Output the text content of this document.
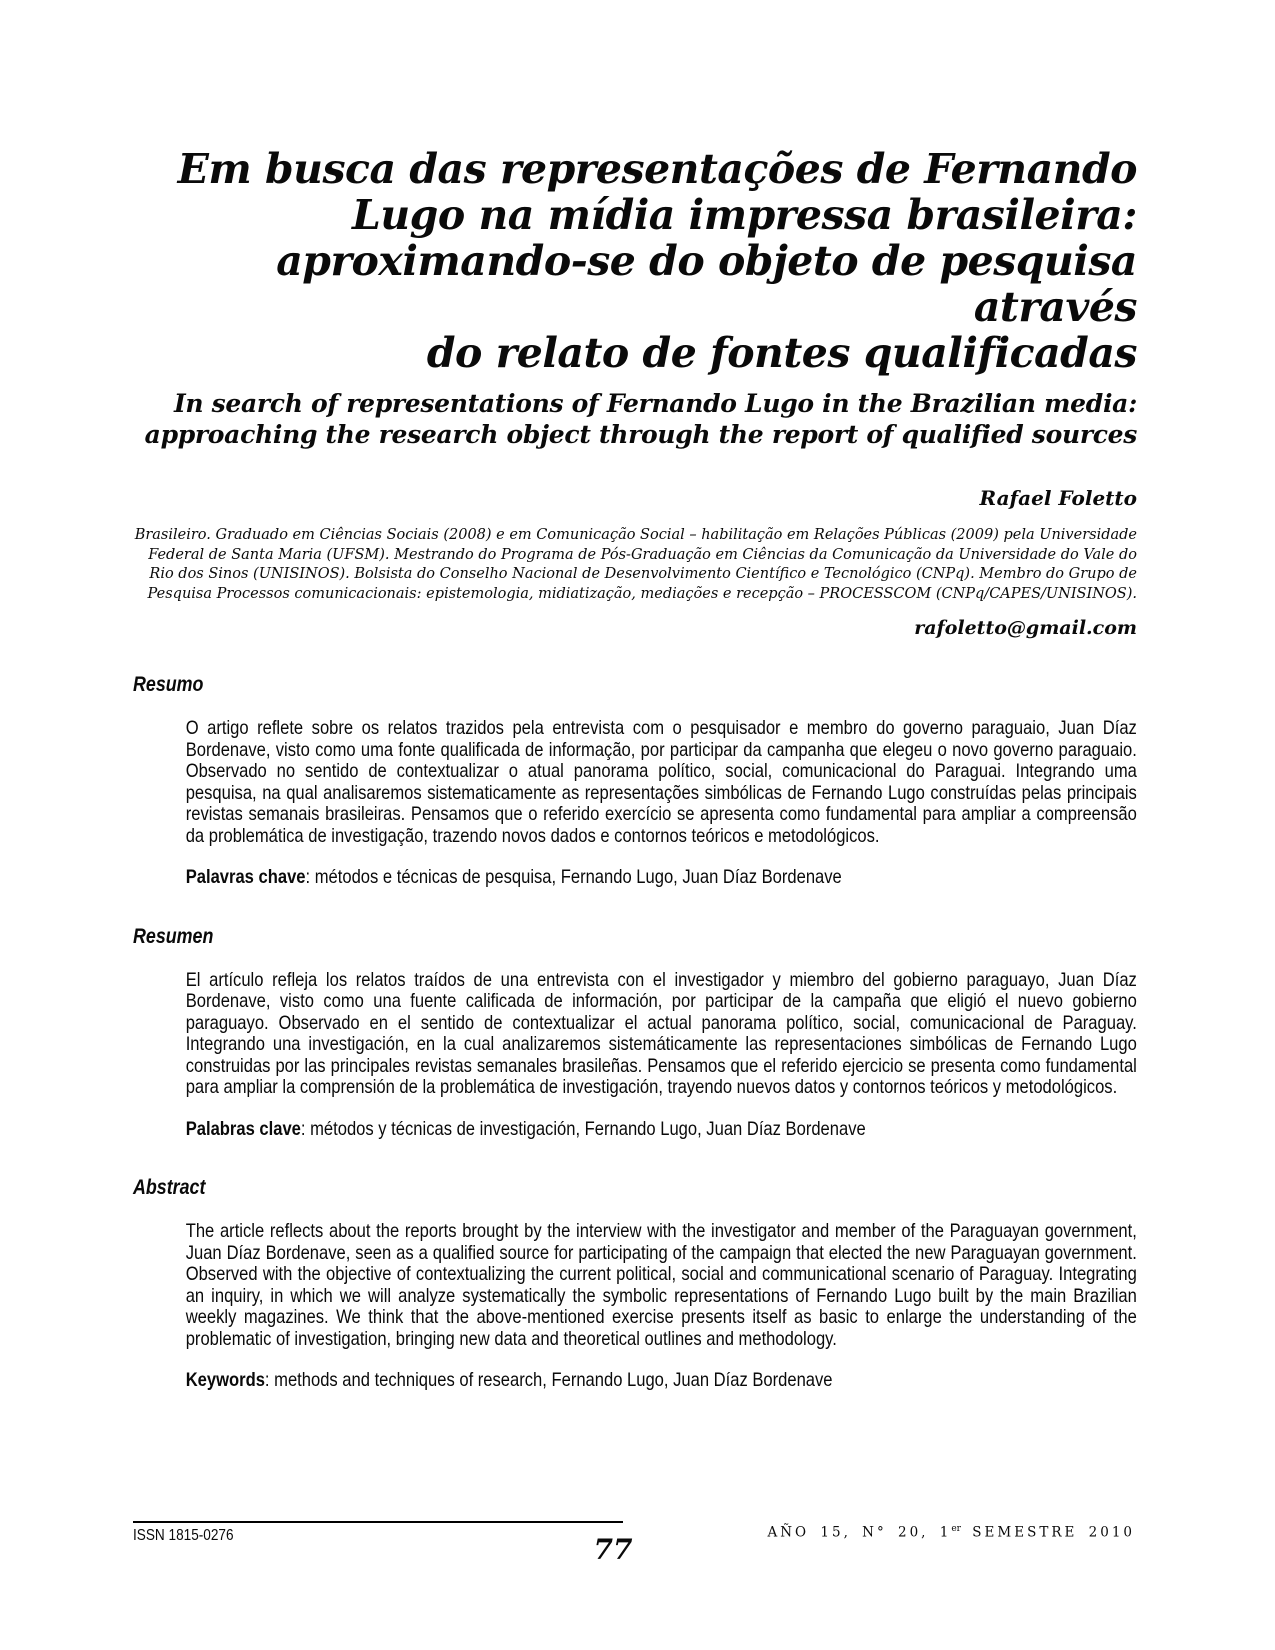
Em busca das representações de Fernando
Lugo na mídia impressa brasileira:
aproximando-se do objeto de pesquisa através
do relato de fontes qualificadas
In search of representations of Fernando Lugo in the Brazilian media:
approaching the research object through the report of qualified sources
Rafael Foletto

Brasileiro. Graduado em Ciências Sociais (2008) e em Comunicação Social – habilitação em Relações Públicas (2009) pela Universidade Federal de Santa Maria (UFSM). Mestrando do Programa de Pós-Graduação em Ciências da Comunicação da Universidade do Vale do Rio dos Sinos (UNISINOS). Bolsista do Conselho Nacional de Desenvolvimento Científico e Tecnológico (CNPq). Membro do Grupo de Pesquisa Processos comunicacionais: epistemologia, midiatização, mediações e recepção – PROCESSCOM (CNPq/CAPES/UNISINOS).

rafoletto@gmail.com
Resumo

O artigo reflete sobre os relatos trazidos pela entrevista com o pesquisador e membro do governo paraguaio, Juan Díaz Bordenave, visto como uma fonte qualificada de informação, por participar da campanha que elegeu o novo governo paraguaio. Observado no sentido de contextualizar o atual panorama político, social, comunicacional do Paraguai. Integrando uma pesquisa, na qual analisaremos sistematicamente as representações simbólicas de Fernando Lugo construídas pelas principais revistas semanais brasileiras. Pensamos que o referido exercício se apresenta como fundamental para ampliar a compreensão da problemática de investigação, trazendo novos dados e contornos teóricos e metodológicos.

Palavras chave: métodos e técnicas de pesquisa, Fernando Lugo, Juan Díaz Bordenave

Resumen

El artículo refleja los relatos traídos de una entrevista con el investigador y miembro del gobierno paraguayo, Juan Díaz Bordenave, visto como una fuente calificada de información, por participar de la campaña que eligió el nuevo gobierno paraguayo. Observado en el sentido de contextualizar el actual panorama político, social, comunicacional de Paraguay. Integrando una investigación, en la cual analizaremos sistemáticamente las representaciones simbólicas de Fernando Lugo construidas por las principales revistas semanales brasileñas. Pensamos que el referido ejercicio se presenta como fundamental para ampliar la comprensión de la problemática de investigación, trayendo nuevos datos y contornos teóricos y metodológicos.

Palabras clave: métodos y técnicas de investigación, Fernando Lugo, Juan Díaz Bordenave

Abstract

The article reflects about the reports brought by the interview with the investigator and member of the Paraguayan government, Juan Díaz Bordenave, seen as a qualified source for participating of the campaign that elected the new Paraguayan government. Observed with the objective of contextualizing the current political, social and communicational scenario of Paraguay. Integrating an inquiry, in which we will analyze systematically the symbolic representations of Fernando Lugo built by the main Brazilian weekly magazines. We think that the above-mentioned exercise presents itself as basic to enlarge the understanding of the problematic of investigation, bringing new data and theoretical outlines and methodology.

Keywords: methods and techniques of research, Fernando Lugo, Juan Díaz Bordenave

ISSN 1815-0276	AÑO 15, N° 20, 1er SEMESTRE 2010
77
